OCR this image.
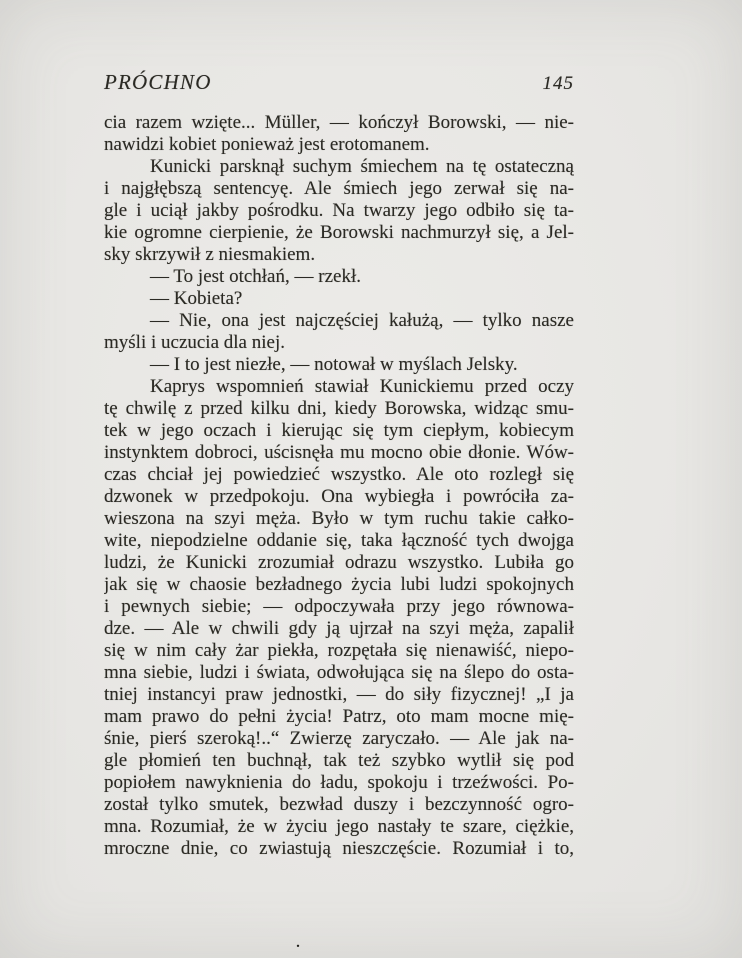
PRÓCHNO	145
cia razem wzięte... Müller, — kończył Borowski, — nie-
nawidzi kobiet ponieważ jest erotomanem.
Kunicki parsknął suchym śmiechem na tę ostateczną
i najgłębszą sentencyę. Ale śmiech jego zerwał się na-
gle i uciął jakby pośrodku. Na twarzy jego odbiło się ta-
kie ogromne cierpienie, że Borowski nachmurzył się, a Jel-
sky skrzywił z niesmakiem.
— To jest otchłań, — rzekł.
— Kobieta?
— Nie, ona jest najczęściej kałużą, — tylko nasze
myśli i uczucia dla niej.
— I to jest niezłe, — notował w myślach Jelsky.
Kaprys wspomnień stawiał Kunickiemu przed oczy
tę chwilę z przed kilku dni, kiedy Borowska, widząc smu-
tek w jego oczach i kierując się tym ciepłym, kobiecym
instynktem dobroci, uścisnęła mu mocno obie dłonie. Wów-
czas chciał jej powiedzieć wszystko. Ale oto rozległ się
dzwonek w przedpokoju. Ona wybiegła i powróciła za-
wieszona na szyi męża. Było w tym ruchu takie całko-
wite, niepodzielne oddanie się, taka łączność tych dwojga
ludzi, że Kunicki zrozumiał odrazu wszystko. Lubiła go
jak się w chaosie bezładnego życia lubi ludzi spokojnych
i pewnych siebie; — odpoczywała przy jego równowa-
dze. — Ale w chwili gdy ją ujrzał na szyi męża, zapalił
się w nim cały żar piekła, rozpętała się nienawiść, niepo-
mna siebie, ludzi i świata, odwołująca się na ślepo do osta-
tniej instancyi praw jednostki, — do siły fizycznej! „I ja
mam prawo do pełni życia! Patrz, oto mam mocne mię-
śnie, pierś szeroką!..“ Zwierzę zaryczało. — Ale jak na-
gle płomień ten buchnął, tak też szybko wytlił się pod
popiołem nawyknienia do ładu, spokoju i trzeźwości. Po-
został tylko smutek, bezwład duszy i bezczynność ogro-
mna. Rozumiał, że w życiu jego nastały te szare, ciężkie,
mroczne dnie, co zwiastują nieszczęście. Rozumiał i to,
.
